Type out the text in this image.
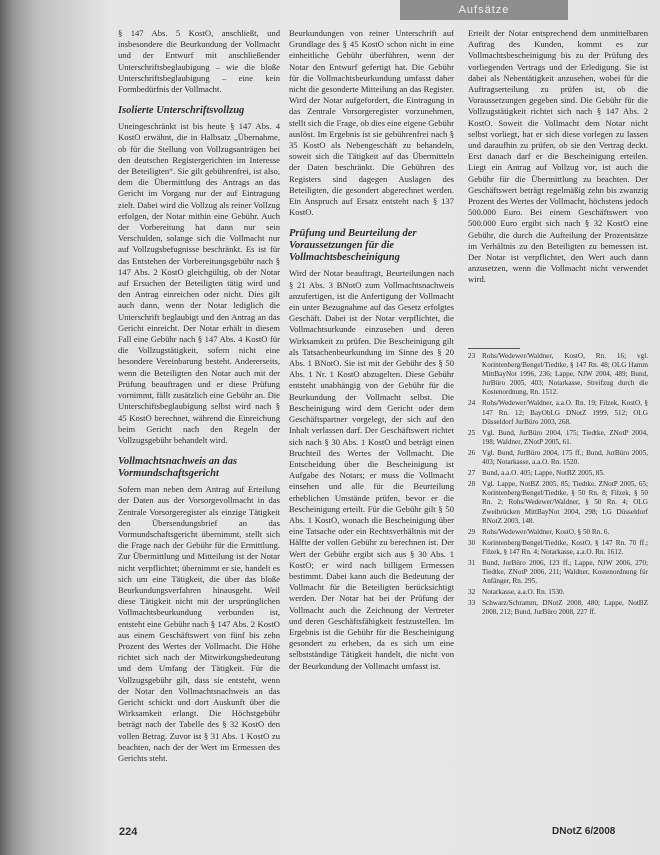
Aufsätze

§ 147 Abs. 5 KostO, anschließt, und insbesondere die Beurkundung der Vollmacht und der Entwurf mit anschließender Unterschriftsbeglaubigung – wie die bloße Unterschriftsbeglaubigung – eine kein Formbedürfnis der Vollmacht.

Isolierte Unterschriftsvollzug

Uneingeschränkt ist bis heute § 147 Abs. 4 KostO erwähnt, die in Halbsatz „Übernahme, ob für die Stellung von Vollzugsanträgen bei den deutschen Registergerichten im Interesse der Beteiligten“. Sie gilt gebührenfrei, ist also, dem die Übermittlung des Antrags an das Gericht im Vorgang nur der auf Eintragung zielt. Dabei wird die Vollzug als reiner Vollzug erfolgen, der Notar mithin eine Gebühr. Auch der Vorbereitung hat dann nur sein Verschulden, solange sich die Vollmacht nur auf Vollzugsbefugnisse beschränkt. Es ist für das Entstehen der Vorbereitungsgebühr nach § 147 Abs. 2 KostO gleichgültig, ob der Notar auf Ersuchen der Beteiligten tätig wird und den Antrag einreichen oder nicht. Dies gilt auch dann, wenn der Notar lediglich die Unterschrift beglaubigt und den Antrag an das Gericht einreicht. Der Notar erhält in diesem Fall eine Gebühr nach § 147 Abs. 4 KostO für die Vollzugstätigkeit, sofern nicht eine besondere Vereinbarung besteht. Andererseits, wenn die Beteiligten den Notar auch mit der Prüfung beauftragen und er diese Prüfung vornimmt, fällt zusätzlich eine Gebühr an. Die Unterschiftsbeglaubigung selbst wird nach § 45 KostO berechnet, während die Einreichung beim Gericht nach den Regeln der Vollzugsgebühr behandelt wird.

Vollmachtsnachweis an das Vormundschaftsgericht

Sofern man neben dem Antrag auf Erteilung der Daten aus der Vorsorgevollmacht in das Zentrale Vorsorgeregister als einzige Tätigkeit den Übersendungsbrief an das Vormundschaftsgericht übernimmt, stellt sich die Frage nach der Gebühr für die Ermittlung. Zur Übermittlung und Mitteilung ist der Notar nicht verpflichtet; übernimmt er sie, handelt es sich um eine Tätigkeit, die über das bloße Beurkundungsverfahren hinausgeht. Weil diese Tätigkeit nicht mit der ursprünglichen Vollmachtsbeurkundung verbunden ist, entsteht eine Gebühr nach § 147 Abs. 2 KostO aus einem Geschäftswert von fünf bis zehn Prozent des Wertes der Vollmacht. Die Höhe richtet sich nach der Mitwirkungsbedeutung und dem Umfang der Tätigkeit. Für die Vollzugsgebühr gilt, dass sie entsteht, wenn der Notar den Vollmachtsnachweis an das Gericht schickt und dort Auskunft über die Wirksamkeit erlangt. Die Höchstgebühr beträgt nach der Tabelle des § 32 KostO den vollen Betrag. Zuvor ist § 31 Abs. 1 KostO zu beachten, nach der der Wert im Ermessen des Gerichts steht.

Beurkundungen von reiner Unterschrift auf Grundlage des § 45 KostO schon nicht in eine einheitliche Gebühr überführen, wenn der Notar den Entwurf gefertigt hat. Die Gebühr für die Vollmachtsbeurkundung umfasst daher nicht die gesonderte Mitteilung an das Register. Wird der Notar aufgefordert, die Eintragung in das Zentrale Vorsorgeregister vorzunehmen, stellt sich die Frage, ob dies eine eigene Gebühr auslöst. Im Ergebnis ist sie gebührenfrei nach § 35 KostO als Nebengeschäft zu behandeln, soweit sich die Tätigkeit auf das Übermitteln der Daten beschränkt. Die Gebühren des Registers sind dagegen Auslagen des Beteiligten, die gesondert abgerechnet werden. Ein Anspruch auf Ersatz entsteht nach § 137 KostO.

Prüfung und Beurteilung der Voraussetzungen für die Vollmachtsbescheinigung

Wird der Notar beauftragt, Beurteilungen nach § 21 Abs. 3 BNotO zum Vollmachtsnachweis anzufertigen, ist die Anfertigung der Vollmacht ein unter Bezugnahme auf das Gesetz erfolgtes Geschäft. Dabei ist der Notar verpflichtet, die Vollmachtsurkunde einzusehen und deren Wirksamkeit zu prüfen. Die Bescheinigung gilt als Tatsachenbeurkundung im Sinne des § 20 Abs. 1 BNotO. Sie ist mit der Gebühr des § 50 Abs. 1 Nr. 1 KostO abzugelten. Diese Gebühr entsteht unabhängig von der Gebühr für die Beurkundung der Vollmacht selbst. Die Bescheinigung wird dem Gericht oder dem Geschäftspartner vorgelegt, der sich auf den Inhalt verlassen darf. Der Geschäftswert richtet sich nach § 30 Abs. 1 KostO und beträgt einen Bruchteil des Wertes der Vollmacht. Die Entscheidung über die Bescheinigung ist Aufgabe des Notars; er muss die Vollmacht einsehen und alle für die Beurteilung erheblichen Umstände prüfen, bevor er die Bescheinigung erteilt. Für die Gebühr gilt § 50 Abs. 1 KostO, wonach die Bescheinigung über eine Tatsache oder ein Rechtsverhältnis mit der Hälfte der vollen Gebühr zu berechnen ist. Der Wert der Gebühr ergibt sich aus § 30 Abs. 1 KostO; er wird nach billigem Ermessen bestimmt. Dabei kann auch die Bedeutung der Vollmacht für die Beteiligten berücksichtigt werden. Der Notar hat bei der Prüfung der Vollmacht auch die Zeichnung der Vertreter und deren Geschäftsfähigkeit festzustellen. Im Ergebnis ist die Gebühr für die Bescheinigung gesondert zu erheben, da es sich um eine selbstständige Tätigkeit handelt, die nicht von der Beurkundung der Vollmacht umfasst ist.

Erteilt der Notar entsprechend dem unmittelbaren Auftrag des Kunden, kommt es zur Vollmachtsbescheinigung bis zu der Prüfung des vorliegenden Vertrags und der Erledigung. Sie ist dabei als Nebentätigkeit anzusehen, wobei für die Auftragserteilung zu prüfen ist, ob die Voraussetzungen gegeben sind. Die Gebühr für die Vollzugstätigkeit richtet sich nach § 147 Abs. 2 KostO. Soweit die Vollmacht dem Notar nicht selbst vorliegt, hat er sich diese vorlegen zu lassen und daraufhin zu prüfen, ob sie den Vertrag deckt. Erst danach darf er die Bescheinigung erteilen. Liegt ein Antrag auf Vollzug vor, ist auch die Gebühr für die Übermittlung zu beachten. Der Geschäftswert beträgt regelmäßig zehn bis zwanzig Prozent des Wertes der Vollmacht, höchstens jedoch 500.000 Euro. Bei einem Geschäftswert von 500.000 Euro ergibt sich nach § 32 KostO eine Gebühr, die durch die Aufteilung der Prozentsätze im Verhältnis zu den Beteiligten zu bemessen ist. Der Notar ist verpflichtet, den Wert auch dann anzusetzen, wenn die Vollmacht nicht verwendet wird.

23 Rohs/Wedewer/Waldner, KostO, Rn. 16; vgl. Korintenberg/Bengel/Tiedtke, § 147 Rn. 48; OLG Hamm MittBayNot 1996, 236; Lappe, NJW 2004, 489; Bund, JurBüro 2005, 403; Notarkasse, Streifzug durch die Kostenordnung, Rn. 1512.
24 Rohs/Wedewer/Waldner, a.a.O. Rn. 19; Filzek, KostO, § 147 Rn. 12; BayObLG DNotZ 1999, 512; OLG Düsseldorf JurBüro 2003, 268.
25 Vgl. Bund, JurBüro 2004, 175; Tiedtke, ZNotP 2004, 198; Waldner, ZNotP 2005, 61.
26 Vgl. Bund, JurBüro 2004, 175 ff.; Bund, JurBüro 2005, 403; Notarkasse, a.a.O. Rn. 1520.
27 Bund, a.a.O. 405; Lappe, NotBZ 2005, 85.
28 Vgl. Lappe, NotBZ 2005, 85; Tiedtke, ZNotP 2005, 65; Korintenberg/Bengel/Tiedtke, § 50 Rn. 8; Filzek, § 50 Rn. 2; Rohs/Wedewer/Waldner, § 50 Rn. 4; OLG Zweibrücken MittBayNot 2004, 298; LG Düsseldorf RNotZ 2003, 148.
29 Rohs/Wedewer/Waldner, KostO, § 50 Rn. 6.
30 Korintenberg/Bengel/Tiedtke, KostO, § 147 Rn. 70 ff.; Filzek, § 147 Rn. 4; Notarkasse, a.a.O. Rn. 1612.
31 Bund, JurBüro 2006, 123 ff.; Lappe, NJW 2006, 270; Tiedtke, ZNotP 2006, 211; Waldner, Kostenordnung für Anfänger, Rn. 295.
32 Notarkasse, a.a.O. Rn. 1530.
33 Schwarz/Schramm, DNotZ 2008, 480; Lappe, NotBZ 2008, 212; Bund, JurBüro 2008, 227 ff.
224	DNotZ 6/2008
